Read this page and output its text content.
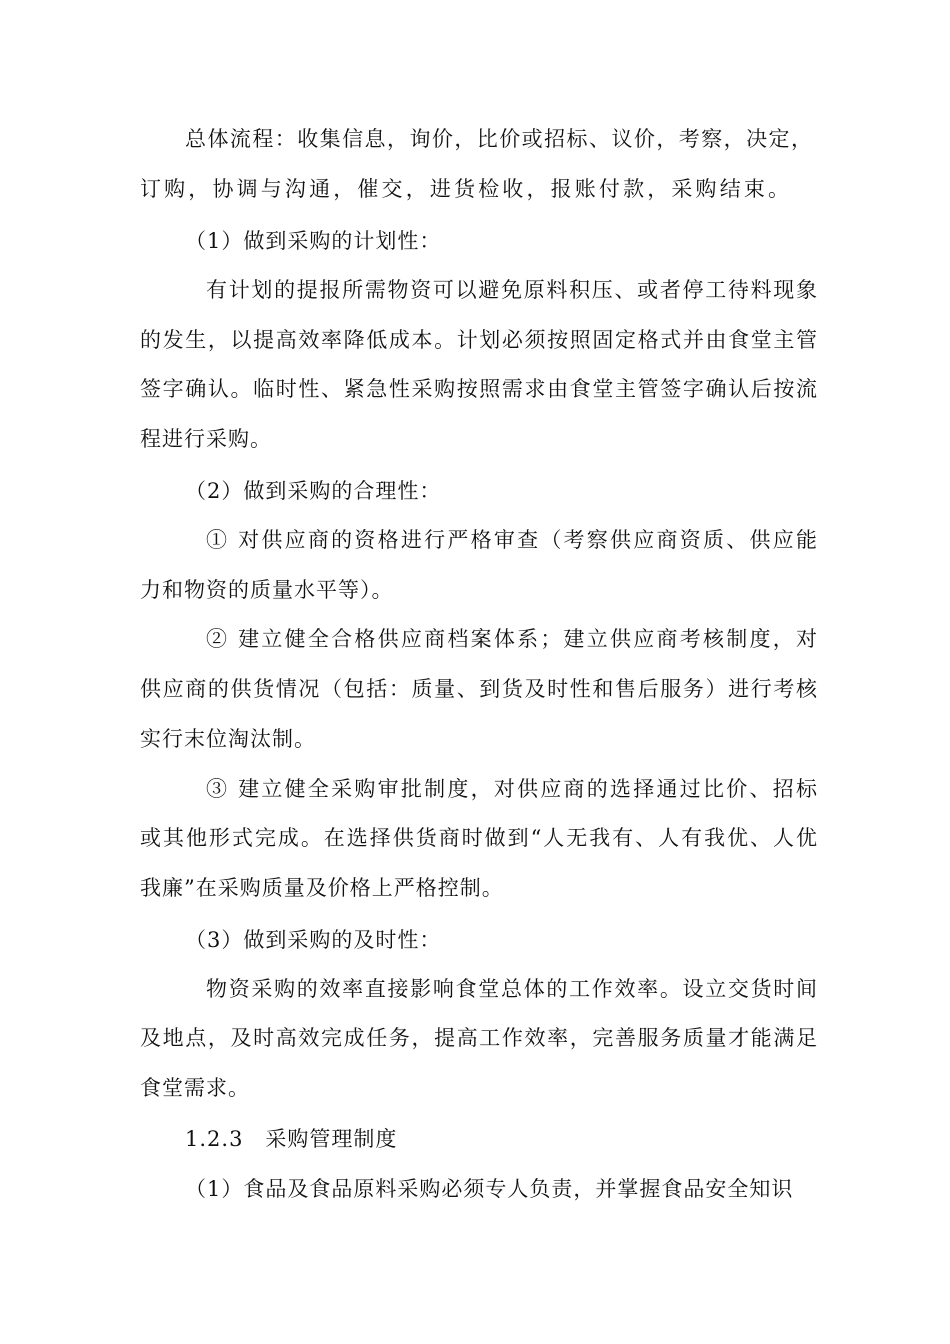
总体流程：收集信息，询价，比价或招标、议价，考察，决定，
订购，协调与沟通，催交，进货检收，报账付款，采购结束。
（1）做到采购的计划性：
有计划的提报所需物资可以避免原料积压、或者停工待料现象
的发生，以提高效率降低成本。计划必须按照固定格式并由食堂主管
签字确认。临时性、紧急性采购按照需求由食堂主管签字确认后按流
程进行采购。
（2）做到采购的合理性：
① 对供应商的资格进行严格审查（考察供应商资质、供应能
力和物资的质量水平等）。
② 建立健全合格供应商档案体系；建立供应商考核制度，对
供应商的供货情况（包括：质量、到货及时性和售后服务）进行考核
实行末位淘汰制。
③ 建立健全采购审批制度，对供应商的选择通过比价、招标
或其他形式完成。在选择供货商时做到“人无我有、人有我优、人优
我廉”在采购质量及价格上严格控制。
（3）做到采购的及时性：
物资采购的效率直接影响食堂总体的工作效率。设立交货时间
及地点，及时高效完成任务，提高工作效率，完善服务质量才能满足
食堂需求。
1.2.3　采购管理制度
（1）食品及食品原料采购必须专人负责，并掌握食品安全知识
